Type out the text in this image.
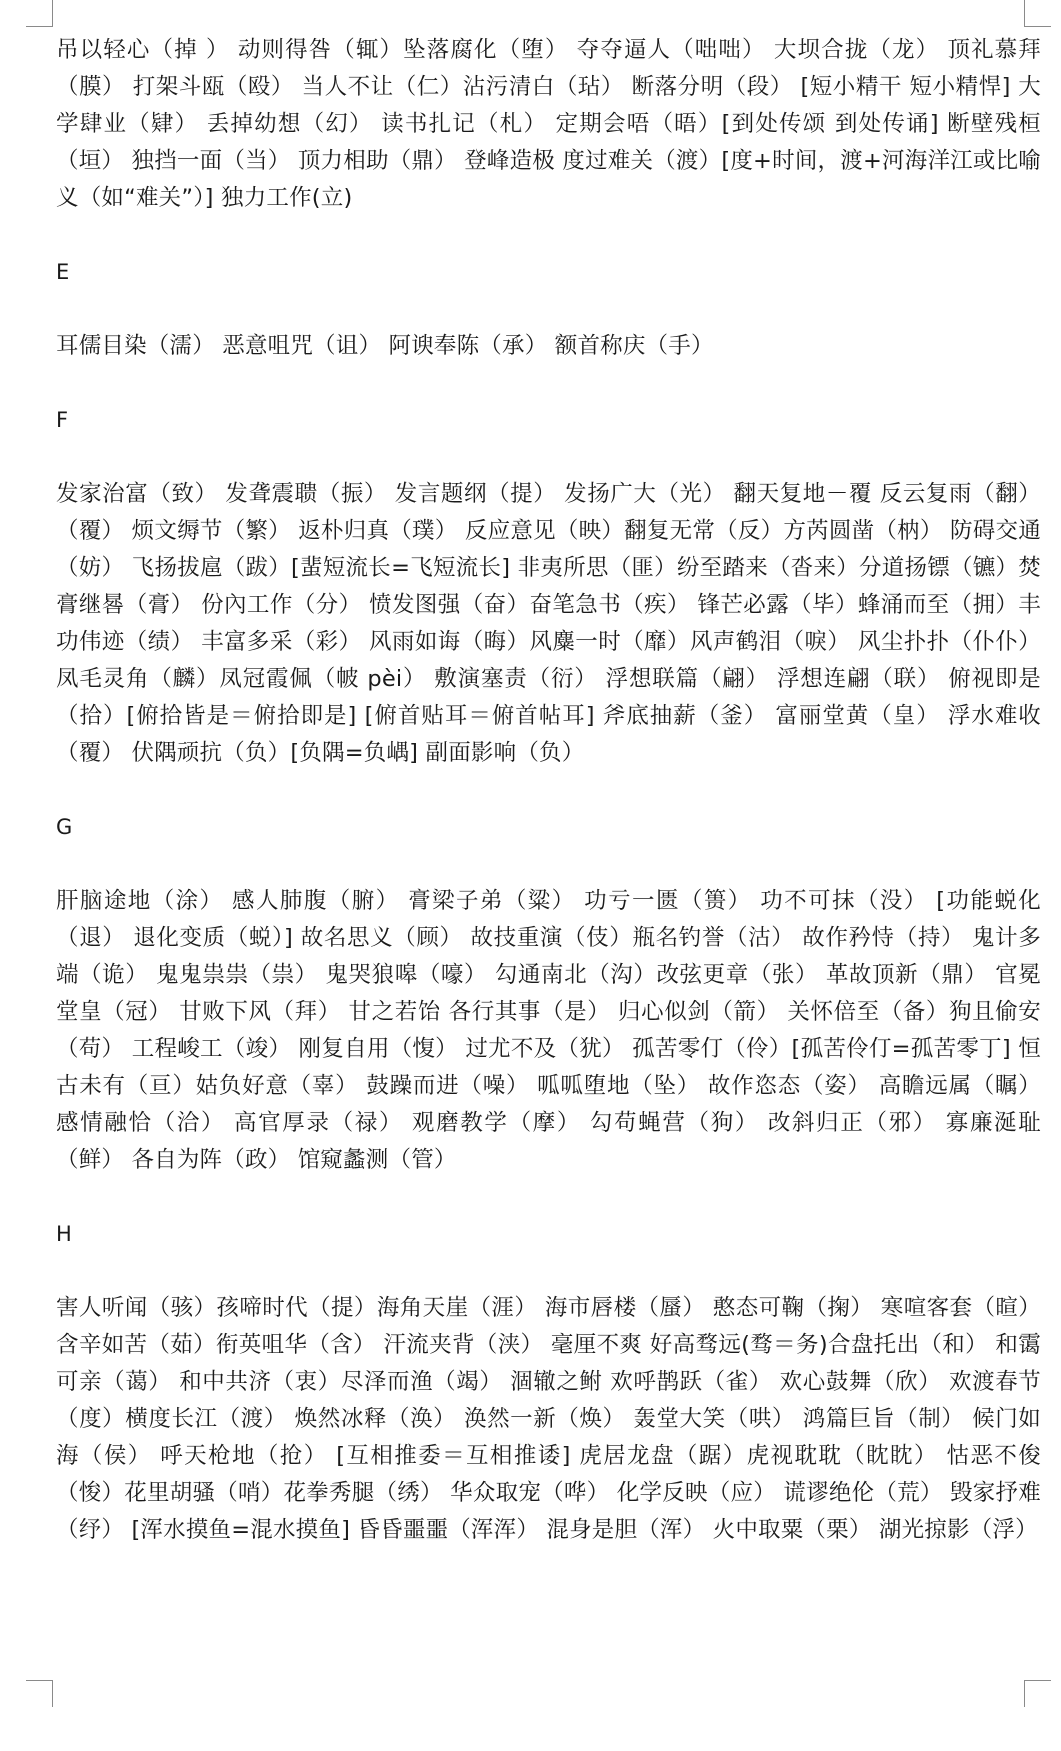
吊以轻心（掉 ） 动则得咎（辄）坠落腐化（堕） 夺夺逼人（咄咄） 大坝合拢（龙） 顶礼慕拜（膜） 打架斗瓯（殴） 当人不让（仁）沾污清白（玷） 断落分明（段） [短小精干 短小精悍] 大学肆业（肄） 丢掉幼想（幻） 读书扎记（札） 定期会唔（晤）[到处传颂 到处传诵] 断壁残桓（垣） 独挡一面（当） 顶力相助（鼎） 登峰造极 度过难关（渡）[度+时间，渡+河海洋江或比喻义（如“难关”）] 独力工作(立)

E

耳儒目染（濡） 恶意咀咒（诅） 阿谀奉陈（承） 额首称庆（手）

F

发家治富（致） 发聋震聩（振） 发言题纲（提） 发扬广大（光） 翻天复地－覆 反云复雨（翻）（覆） 烦文缛节（繁） 返朴归真（璞） 反应意见（映）翻复无常（反）方芮圆凿（枘） 防碍交通（妨） 飞扬拔扈（跋）[蜚短流长=飞短流长] 非夷所思（匪）纷至踏来（沓来）分道扬镖（镳）焚膏继晷（膏） 份內工作（分） 愤发图强（奋）奋笔急书（疾） 锋芒必露（毕）蜂涌而至（拥）丰功伟迹（绩） 丰富多采（彩） 风雨如诲（晦）风麋一时（靡）风声鹤泪（唳） 风尘扑扑（仆仆） 凤毛灵角（麟）凤冠霞佩（帔 pèi） 敷演塞责（衍） 浮想联篇（翩） 浮想连翩（联） 俯视即是（拾）[俯拾皆是＝俯拾即是] [俯首贴耳＝俯首帖耳] 斧底抽薪（釜） 富丽堂黄（皇） 浮水难收（覆） 伏隅顽抗（负）[负隅=负嵎] 副面影响（负）

G

肝脑途地（涂） 感人肺腹（腑） 膏梁子弟（粱） 功亏一匮（篑） 功不可抹（没） [功能蜕化（退） 退化变质（蜕）] 故名思义（顾） 故技重演（伎）瓶名钓誉（沽） 故作矜恃（持） 鬼计多端（诡） 鬼鬼祟祟（祟） 鬼哭狼嗥（嚎） 勾通南北（沟）改弦更章（张） 革故顶新（鼎） 官冕堂皇（冠） 甘败下风（拜） 甘之若饴 各行其事（是） 归心似剑（箭） 关怀倍至（备）狗且偷安（苟） 工程峻工（竣） 刚复自用（愎） 过尤不及（犹） 孤苦零仃（伶）[孤苦伶仃=孤苦零丁] 恒古未有（亘）姑负好意（辜） 鼓躁而进（噪） 呱呱堕地（坠） 故作恣态（姿） 高瞻远属（瞩） 感情融恰（洽） 高官厚录（禄） 观磨教学（摩） 勾苟蝇营（狗） 改斜归正（邪） 寡廉涎耻（鲜） 各自为阵（政） 馆窥蠡测（管）

H

害人听闻（骇）孩啼时代（提）海角天崖（涯） 海市唇楼（蜃） 憨态可鞠（掬） 寒喧客套（暄）含辛如苦（茹）衔英咀华（含） 汗流夹背（浃） 毫厘不爽 好高骛远(骛＝务)合盘托出（和） 和霭可亲（蔼） 和中共济（衷）尽泽而渔（竭） 涸辙之鲋 欢呼鹊跃（雀） 欢心鼓舞（欣） 欢渡春节（度）横度长江（渡） 焕然冰释（涣） 涣然一新（焕） 轰堂大笑（哄） 鸿篇巨旨（制） 候门如海（侯） 呼天枪地（抢） [互相推委＝互相推诿] 虎居龙盘（踞）虎视耽耽（眈眈） 怙恶不俊（悛）花里胡骚（哨）花拳秀腿（绣） 华众取宠（哗） 化学反映（应） 谎谬绝伦（荒） 毁家抒难（纾） [浑水摸鱼=混水摸鱼] 昏昏噩噩（浑浑） 混身是胆（浑） 火中取粟（栗） 湖光掠影（浮）
